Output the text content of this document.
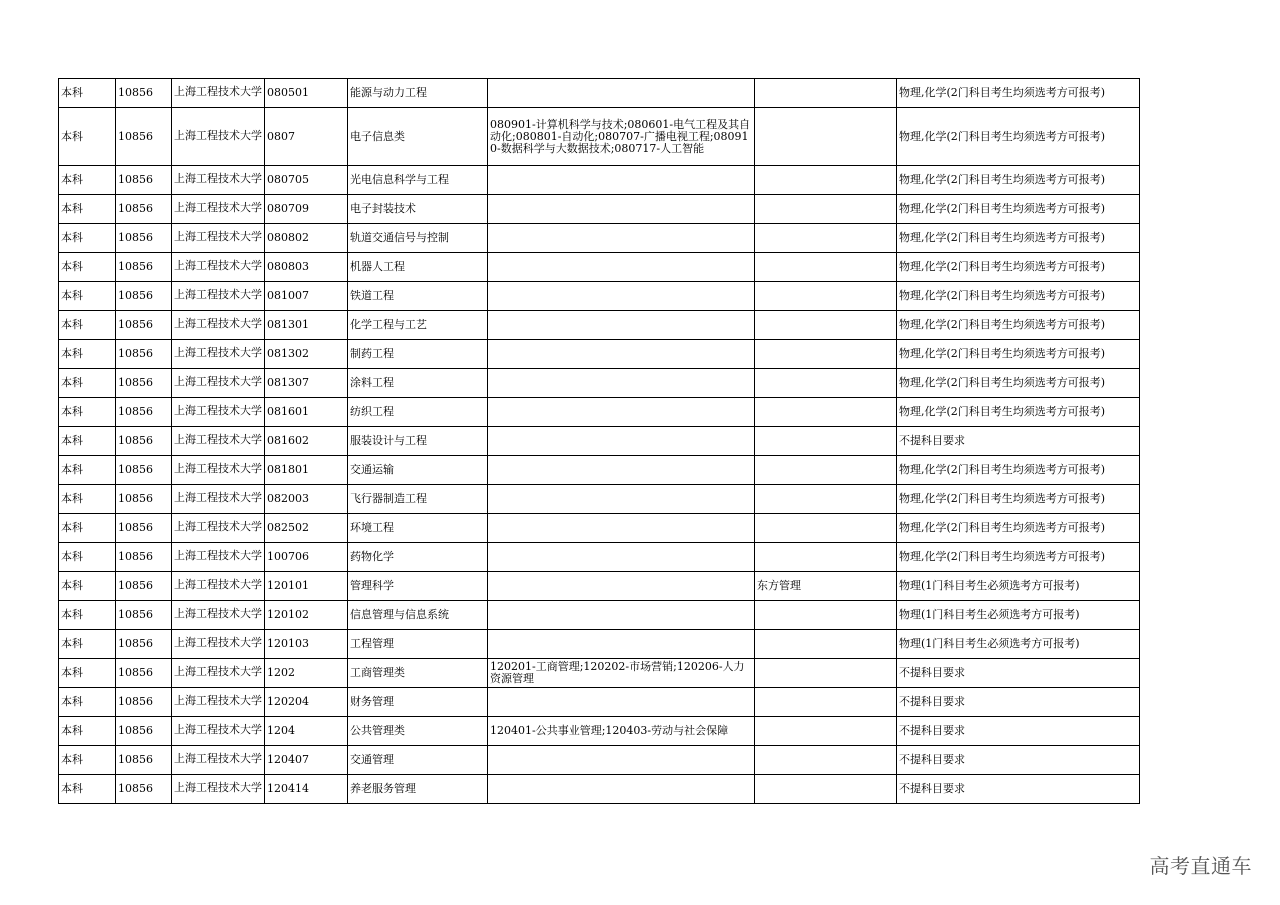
本科	10856	上海工程技术大学	080501	能源与动力工程			物理,化学(2门科目考生均须选考方可报考)
本科	10856	上海工程技术大学	0807	电子信息类	080901-计算机科学与技术;080601-电气工程及其自动化;080801-自动化;080707-广播电视工程;080910-数据科学与大数据技术;080717-人工智能		物理,化学(2门科目考生均须选考方可报考)
本科	10856	上海工程技术大学	080705	光电信息科学与工程			物理,化学(2门科目考生均须选考方可报考)
本科	10856	上海工程技术大学	080709	电子封装技术			物理,化学(2门科目考生均须选考方可报考)
本科	10856	上海工程技术大学	080802	轨道交通信号与控制			物理,化学(2门科目考生均须选考方可报考)
本科	10856	上海工程技术大学	080803	机器人工程			物理,化学(2门科目考生均须选考方可报考)
本科	10856	上海工程技术大学	081007	铁道工程			物理,化学(2门科目考生均须选考方可报考)
本科	10856	上海工程技术大学	081301	化学工程与工艺			物理,化学(2门科目考生均须选考方可报考)
本科	10856	上海工程技术大学	081302	制药工程			物理,化学(2门科目考生均须选考方可报考)
本科	10856	上海工程技术大学	081307	涂料工程			物理,化学(2门科目考生均须选考方可报考)
本科	10856	上海工程技术大学	081601	纺织工程			物理,化学(2门科目考生均须选考方可报考)
本科	10856	上海工程技术大学	081602	服装设计与工程			不提科目要求
本科	10856	上海工程技术大学	081801	交通运输			物理,化学(2门科目考生均须选考方可报考)
本科	10856	上海工程技术大学	082003	飞行器制造工程			物理,化学(2门科目考生均须选考方可报考)
本科	10856	上海工程技术大学	082502	环境工程			物理,化学(2门科目考生均须选考方可报考)
本科	10856	上海工程技术大学	100706	药物化学			物理,化学(2门科目考生均须选考方可报考)
本科	10856	上海工程技术大学	120101	管理科学		东方管理	物理(1门科目考生必须选考方可报考)
本科	10856	上海工程技术大学	120102	信息管理与信息系统			物理(1门科目考生必须选考方可报考)
本科	10856	上海工程技术大学	120103	工程管理			物理(1门科目考生必须选考方可报考)
本科	10856	上海工程技术大学	1202	工商管理类	120201-工商管理;120202-市场营销;120206-人力资源管理		不提科目要求
本科	10856	上海工程技术大学	120204	财务管理			不提科目要求
本科	10856	上海工程技术大学	1204	公共管理类	120401-公共事业管理;120403-劳动与社会保障		不提科目要求
本科	10856	上海工程技术大学	120407	交通管理			不提科目要求
本科	10856	上海工程技术大学	120414	养老服务管理			不提科目要求
高考直通车
